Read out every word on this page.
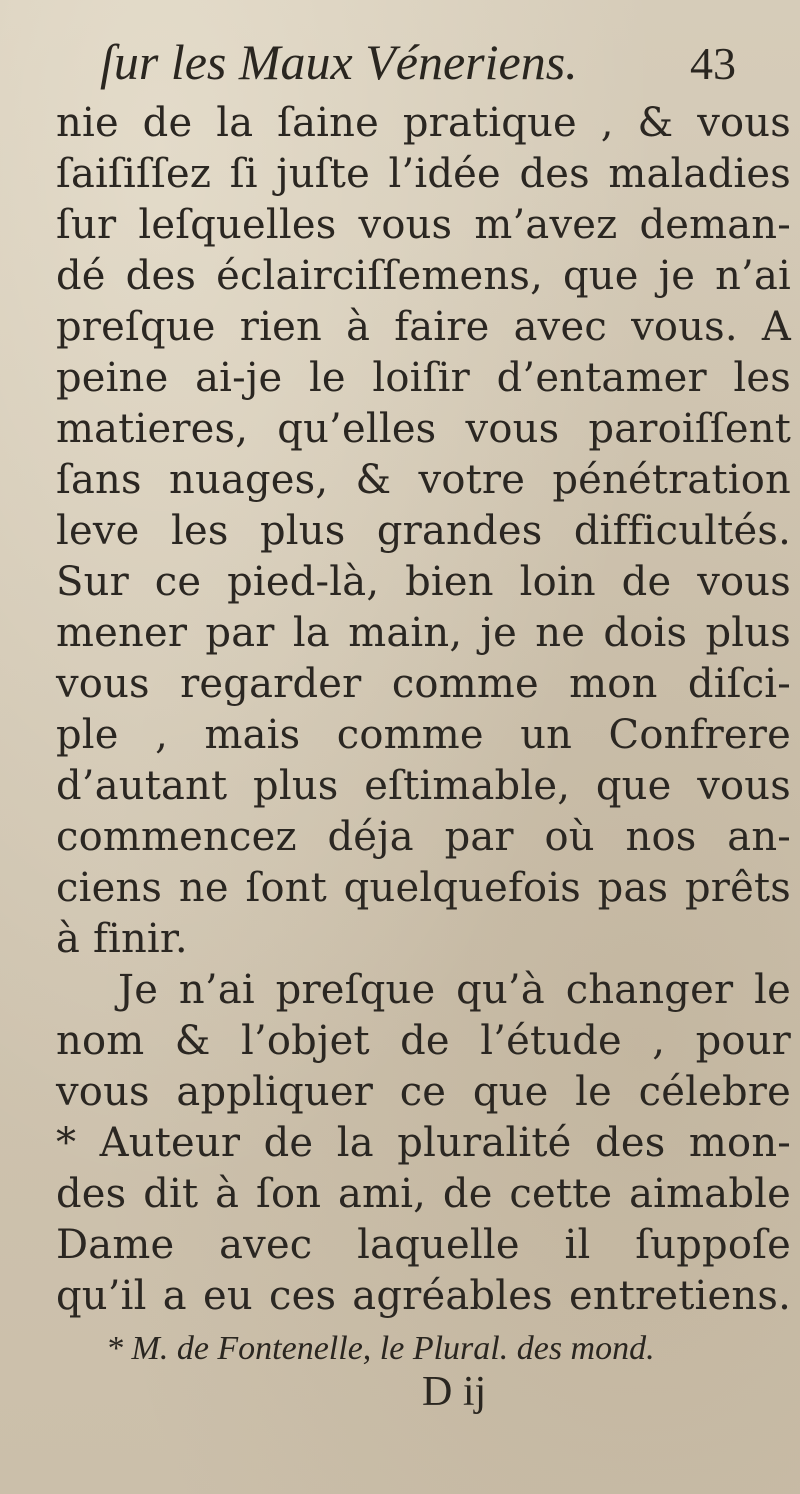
ſur les Maux Véneriens. 43
nie de la ſaine pratique , & vous
ſaiſiſſez ſi juſte l’idée des maladies
ſur leſquelles vous m’avez deman-
dé des éclairciſſemens, que je n’ai
preſque rien à faire avec vous. A
peine ai-je le loiſir d’entamer les
matieres, qu’elles vous paroiſſent
ſans nuages, & votre pénétration
leve les plus grandes difficultés.
Sur ce pied-là, bien loin de vous
mener par la main, je ne dois plus
vous regarder comme mon diſci-
ple , mais comme un Confrere
d’autant plus eſtimable, que vous
commencez déja par où nos an-
ciens ne ſont quelquefois pas prêts
à finir.
Je n’ai preſque qu’à changer le
nom & l’objet de l’étude , pour
vous appliquer ce que le célebre
* Auteur de la pluralité des mon-
des dit à ſon ami, de cette aimable
Dame avec laquelle il ſuppoſe
qu’il a eu ces agréables entretiens.
* M. de Fontenelle, le Plural. des mond.
D ij
